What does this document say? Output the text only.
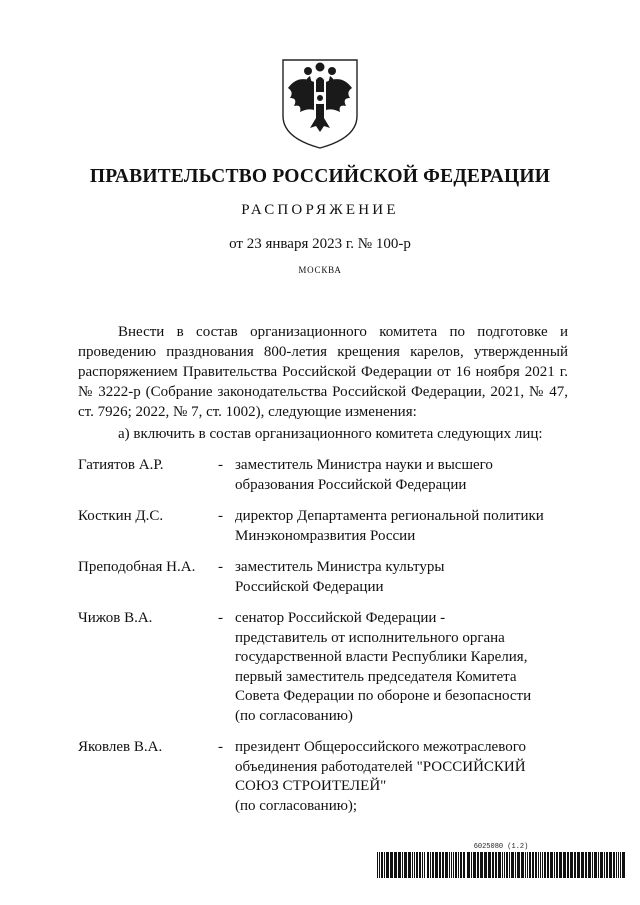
ПРАВИТЕЛЬСТВО РОССИЙСКОЙ ФЕДЕРАЦИИ
РАСПОРЯЖЕНИЕ
от 23 января 2023 г. № 100-р
МОСКВА

Внести в состав организационного комитета по подготовке и проведению празднования 800-летия крещения карелов, утвержденный распоряжением Правительства Российской Федерации от 16 ноября 2021 г. № 3222-р (Собрание законодательства Российской Федерации, 2021, № 47, ст. 7926; 2022, № 7, ст. 1002), следующие изменения:

а) включить в состав организационного комитета следующих лиц:
Гатиятов А.Р.	- заместитель Министра науки и высшего
образования Российской Федерации
Косткин Д.С.	- директор Департамента региональной политики
Минэкономразвития России
Преподобная Н.А. - заместитель Министра культуры
Российской Федерации
Чижов В.А.	- сенатор Российской Федерации -
представитель от исполнительного органа
государственной власти Республики Карелия,
первый заместитель председателя Комитета
Совета Федерации по обороне и безопасности
(по согласованию)
Яковлев В.А.	- президент Общероссийского межотраслевого
объединения работодателей "РОССИЙСКИЙ
СОЮЗ СТРОИТЕЛЕЙ"
(по согласованию);
6025080 (1.2)
